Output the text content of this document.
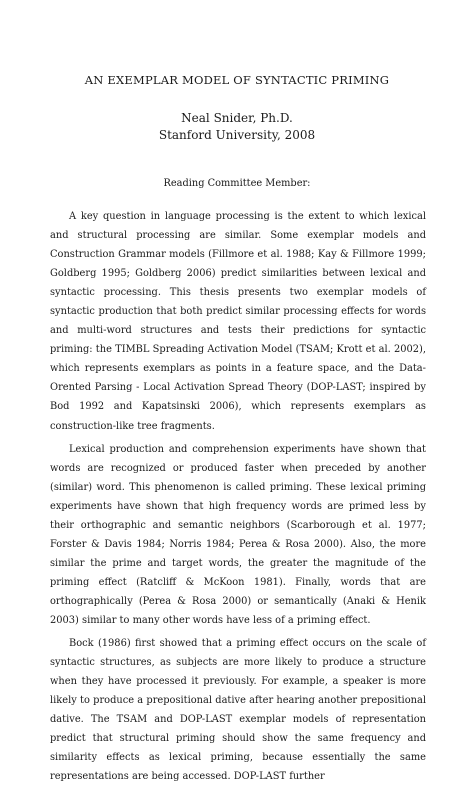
AN EXEMPLAR MODEL OF SYNTACTIC PRIMING
Neal Snider, Ph.D.
Stanford University, 2008
Reading Committee Member:

A key question in language processing is the extent to which lexical and structural processing are similar. Some exemplar models and Construction Grammar models (Fillmore et al. 1988; Kay & Fillmore 1999; Goldberg 1995; Goldberg 2006) predict similarities between lexical and syntactic processing. This thesis presents two exemplar models of syntactic production that both predict similar processing effects for words and multi-word structures and tests their predictions for syntactic priming: the TIMBL Spreading Activation Model (TSAM; Krott et al. 2002), which represents exemplars as points in a feature space, and the Data-Orented Parsing - Local Activation Spread Theory (DOP-LAST; inspired by Bod 1992 and Kapatsinski 2006), which represents exemplars as construction-like tree fragments.

Lexical production and comprehension experiments have shown that words are recognized or produced faster when preceded by another (similar) word. This phenomenon is called priming. These lexical priming experiments have shown that high frequency words are primed less by their orthographic and semantic neighbors (Scarborough et al. 1977; Forster & Davis 1984; Norris 1984; Perea & Rosa 2000). Also, the more similar the prime and target words, the greater the magnitude of the priming effect (Ratcliff & McKoon 1981). Finally, words that are orthographically (Perea & Rosa 2000) or semantically (Anaki & Henik 2003) similar to many other words have less of a priming effect.

Bock (1986) first showed that a priming effect occurs on the scale of syntactic structures, as subjects are more likely to produce a structure when they have processed it previously. For example, a speaker is more likely to produce a prepositional dative after hearing another prepositional dative. The TSAM and DOP-LAST exemplar models of representation predict that structural priming should show the same frequency and similarity effects as lexical priming, because essentially the same representations are being accessed. DOP-LAST further
